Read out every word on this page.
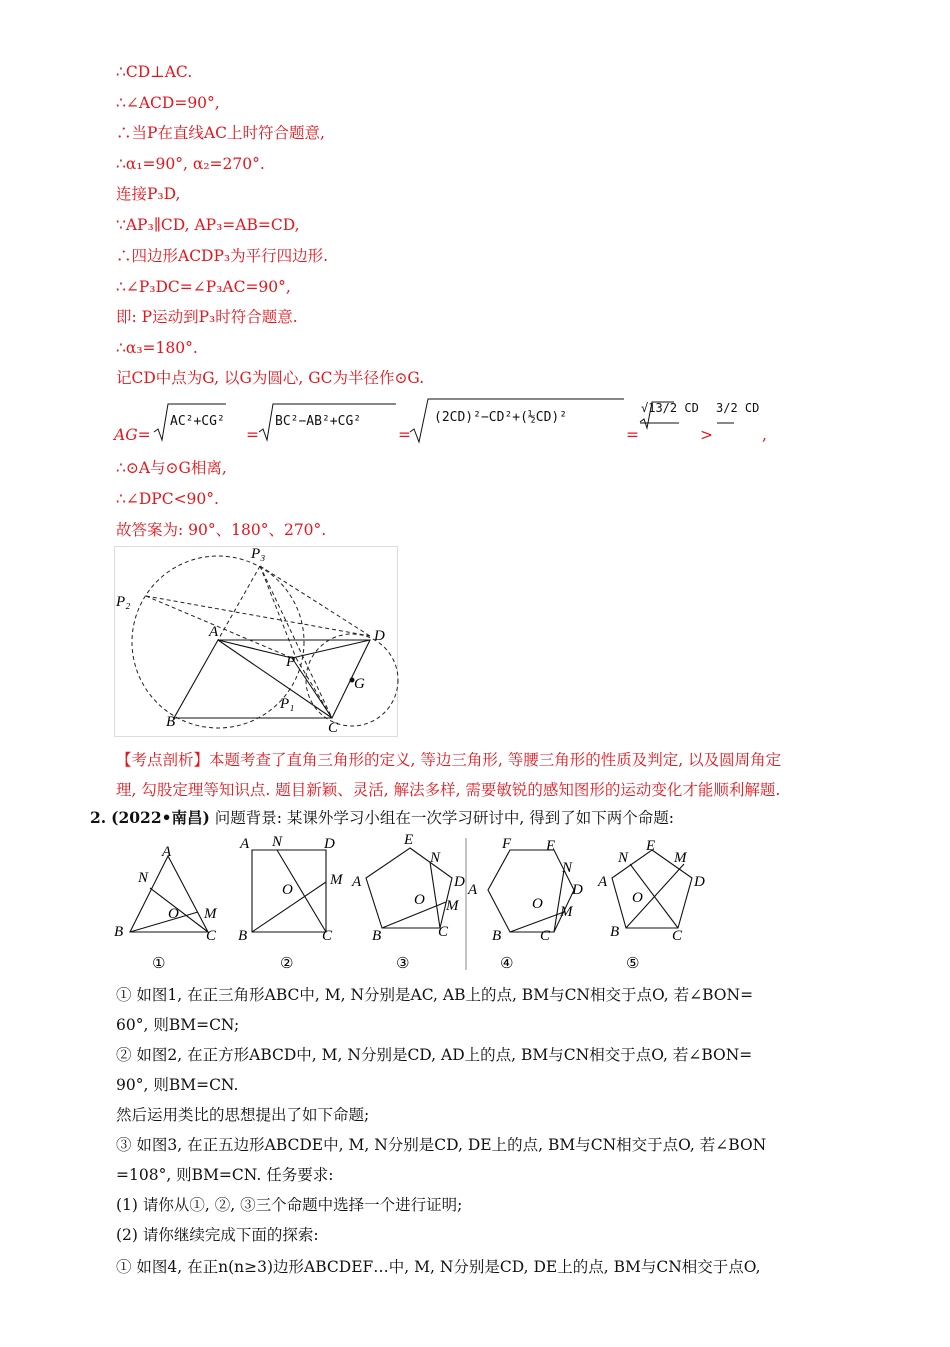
∴CD⊥AC.
∴∠ACD=90°,
∴当P在直线AC上时符合题意,
∴α₁=90°, α₂=270°.
连接P₃D,
∵AP₃∥CD, AP₃=AB=CD,
∴四边形ACDP₃为平行四边形.
∴∠P₃DC=∠P₃AC=90°,
即: P运动到P₃时符合题意.
∴α₃=180°.
记CD中点为G, 以G为圆心, GC为半径作⊙G.
AG=
AC²+CG²
=
BC²−AB²+CG²
=
(2CD)²−CD²+(½CD)²
=
√13/2 CD
>
3/2 CD
,
∴⊙A与⊙G相离,
∴∠DPC<90°.
故答案为: 90°、180°、270°.
P₃
P₂
A	D
P
G
P₁
B	C
【考点剖析】本题考查了直角三角形的定义, 等边三角形, 等腰三角形的性质及判定, 以及圆周角定
理, 勾股定理等知识点. 题目新颖、灵活, 解法多样, 需要敏锐的感知图形的运动变化才能顺利解题.
2. (2022•南昌) 问题背景: 某课外学习小组在一次学习研讨中, 得到了如下两个命题:
A
N
O M
B	C
A N	D
M
O
B	C
E
N
A	D
O M
B	C
F E
N
A	D
O M
B	C
N
E
M
A	D
O
B	C
①	②	③	④	⑤
① 如图1, 在正三角形ABC中, M, N分别是AC, AB上的点, BM与CN相交于点O, 若∠BON=
60°, 则BM=CN;
② 如图2, 在正方形ABCD中, M, N分别是CD, AD上的点, BM与CN相交于点O, 若∠BON=
90°, 则BM=CN.
然后运用类比的思想提出了如下命题;
③ 如图3, 在正五边形ABCDE中, M, N分别是CD, DE上的点, BM与CN相交于点O, 若∠BON
=108°, 则BM=CN. 任务要求:
(1) 请你从①, ②, ③三个命题中选择一个进行证明;
(2) 请你继续完成下面的探索:
① 如图4, 在正n(n≥3)边形ABCDEF…中, M, N分别是CD, DE上的点, BM与CN相交于点O,
